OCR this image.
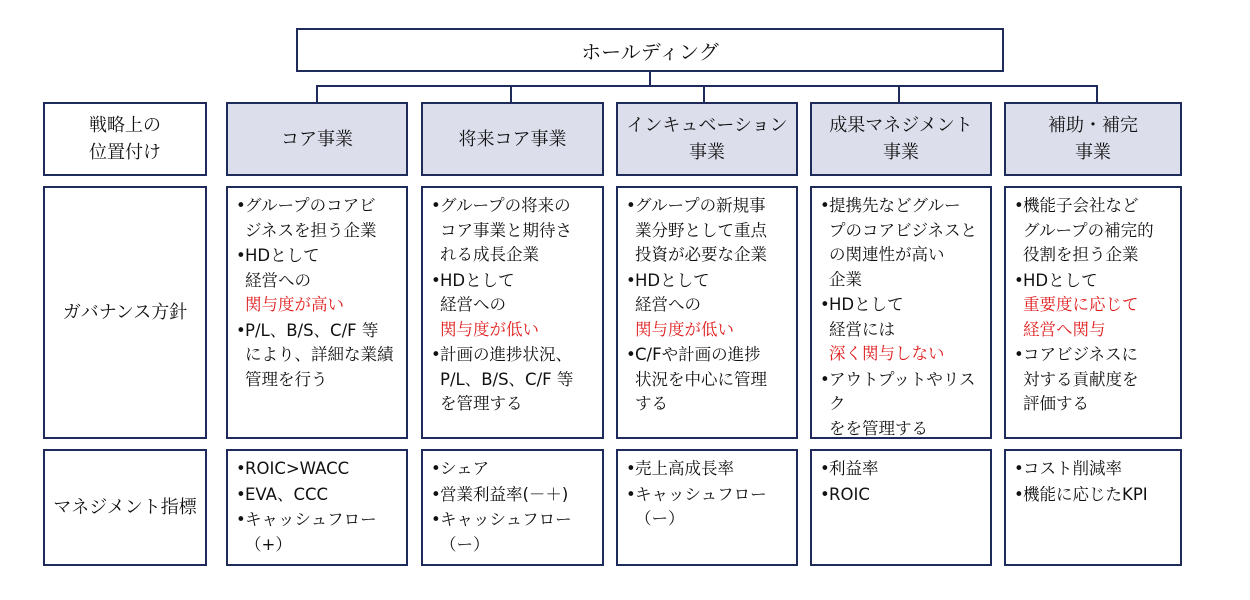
ホールディング
戦略上の
位置付け
ガバナンス方針
マネジメント指標
コア事業	将来コア事業
インキュベーション
事業
成果マネジメント
事業
補助・補完
事業
• グループのコアビ
ジネスを担う企業
• HDとして
経営への
関与度が高い
• P/L、B/S、C/F 等
により、詳細な業績
管理を行う
• グループの将来の
コア事業と期待さ
れる成長企業
• HDとして
経営への
関与度が低い
• 計画の進捗状況、
P/L、B/S、C/F 等
を管理する
• グループの新規事
業分野として重点
投資が必要な企業
• HDとして
経営への
関与度が低い
• C/Fや計画の進捗
状況を中心に管理
する
• 提携先などグルー
プのコアビジネスと
の関連性が高い
企業
• HDとして
経営には
深く関与しない
• アウトプットやリスク
をを管理する
• 機能子会社など
グループの補完的
役割を担う企業
• HDとして
重要度に応じて
経営へ関与
• コアビジネスに
対する貢献度を
評価する
• ROIC>WACC
• EVA、CCC
• キャッシュフロー
（+）
• シェア
• 営業利益率(－＋)
• キャッシュフロー
（ー）
• 売上高成長率
• キャッシュフロー
（ー）
• 利益率
• ROIC
• コスト削減率
• 機能に応じたKPI
